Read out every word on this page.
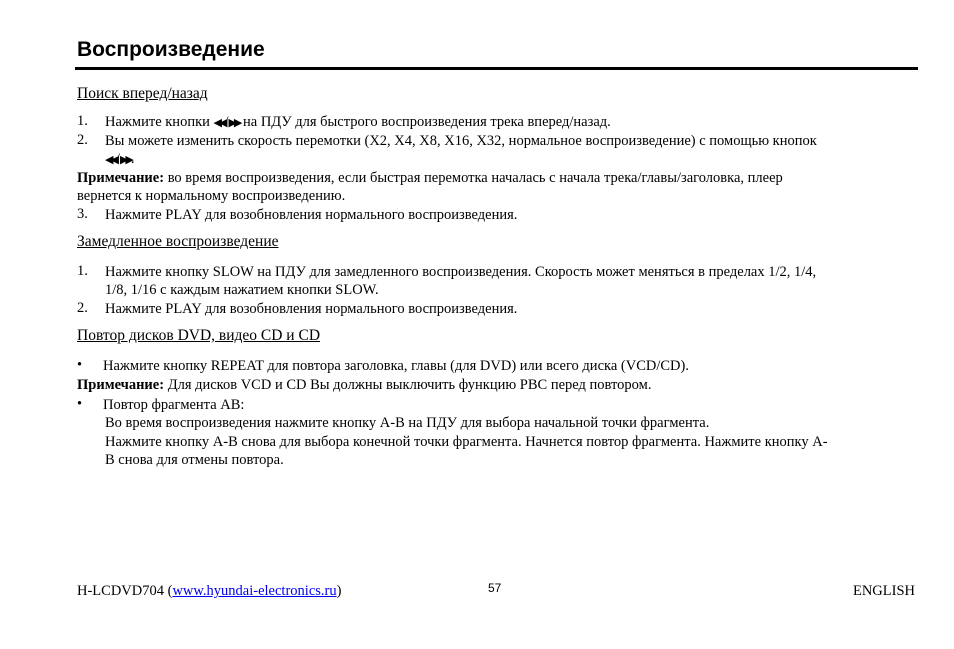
Воспроизведение
Поиск вперед/назад
1. Нажмите кнопки ◀◀/▶▶ на ПДУ для быстрого воспроизведения трека вперед/назад.
2. Вы можете изменить скорость перемотки (X2, X4, X8, X16, X32, нормальное воспроизведение) с помощью кнопок
◀◀/▶▶.
Примечание: во время воспроизведения, если быстрая перемотка началась с начала трека/главы/заголовка, плеер
вернется к нормальному воспроизведению.
3. Нажмите PLAY для возобновления нормального воспроизведения.
Замедленное воспроизведение
1. Нажмите кнопку SLOW на ПДУ для замедленного воспроизведения. Скорость может меняться в пределах 1/2, 1/4,
1/8, 1/16 с каждым нажатием кнопки SLOW.
2. Нажмите PLAY для возобновления нормального воспроизведения.
Повтор дисков DVD, видео CD и CD
• Нажмите кнопку REPEAT для повтора заголовка, главы (для DVD) или всего диска (VCD/CD).
Примечание: Для дисков VCD и CD Вы должны выключить функцию PBC перед повтором.
• Повтор фрагмента AB:
Во время воспроизведения нажмите кнопку A-B на ПДУ для выбора начальной точки фрагмента.
Нажмите кнопку A-B снова для выбора конечной точки фрагмента. Начнется повтор фрагмента. Нажмите кнопку A-
B снова для отмены повтора.
H-LCDVD704 (www.hyundai-electronics.ru)	57	ENGLISH
